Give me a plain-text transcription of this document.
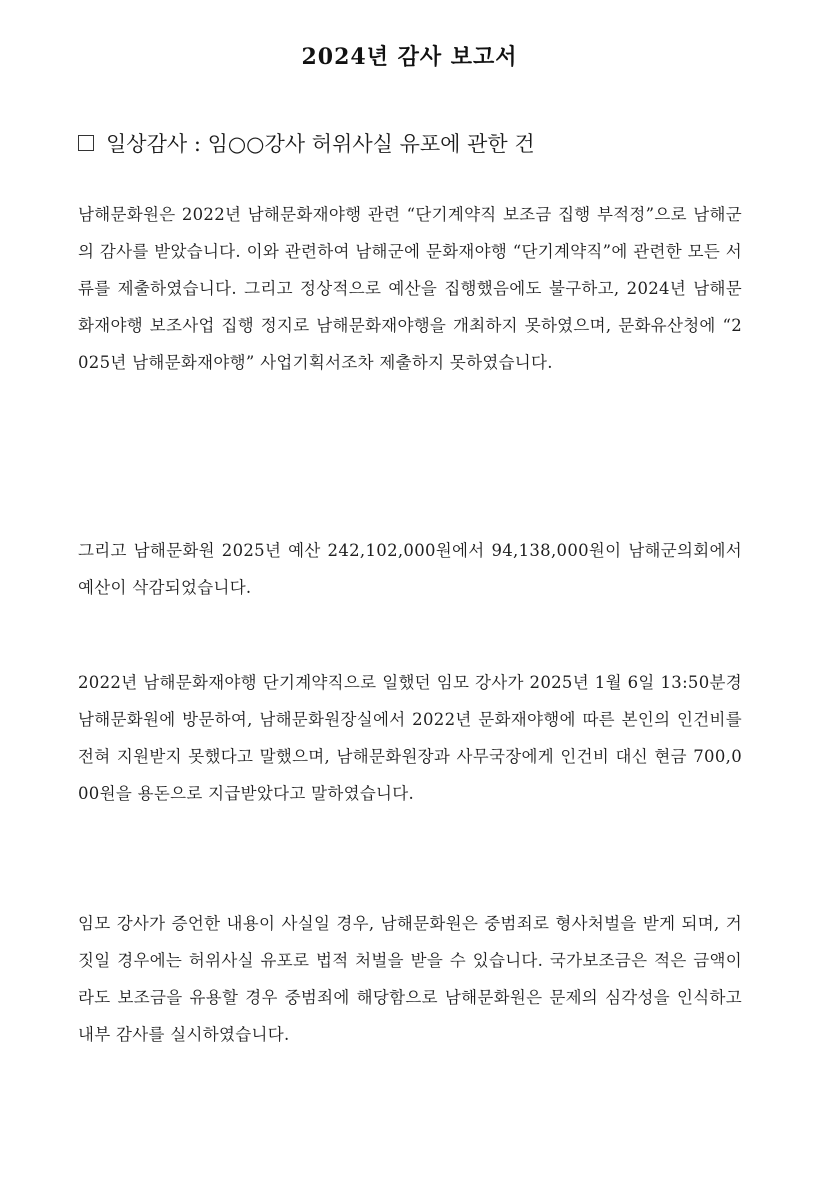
2024년 감사 보고서
일상감사 : 임○○강사 허위사실 유포에 관한 건
남해문화원은 2022년 남해문화재야행 관련 “단기계약직 보조금 집행 부적정”으로 남해군의 감사를 받았습니다. 이와 관련하여 남해군에 문화재야행 “단기계약직”에 관련한 모든 서류를 제출하였습니다. 그리고 정상적으로 예산을 집행했음에도 불구하고, 2024년 남해문화재야행 보조사업 집행 정지로 남해문화재야행을 개최하지 못하였으며, 문화유산청에 “2025년 남해문화재야행” 사업기획서조차 제출하지 못하였습니다.
그리고 남해문화원 2025년 예산 242,102,000원에서 94,138,000원이 남해군의회에서 예산이 삭감되었습니다.
2022년 남해문화재야행 단기계약직으로 일했던 임모 강사가 2025년 1월 6일 13:50분경 남해문화원에 방문하여, 남해문화원장실에서 2022년 문화재야행에 따른 본인의 인건비를 전혀 지원받지 못했다고 말했으며, 남해문화원장과 사무국장에게 인건비 대신 현금 700,000원을 용돈으로 지급받았다고 말하였습니다.
임모 강사가 증언한 내용이 사실일 경우, 남해문화원은 중범죄로 형사처벌을 받게 되며, 거짓일 경우에는 허위사실 유포로 법적 처벌을 받을 수 있습니다. 국가보조금은 적은 금액이라도 보조금을 유용할 경우 중범죄에 해당함으로 남해문화원은 문제의 심각성을 인식하고 내부 감사를 실시하였습니다.
